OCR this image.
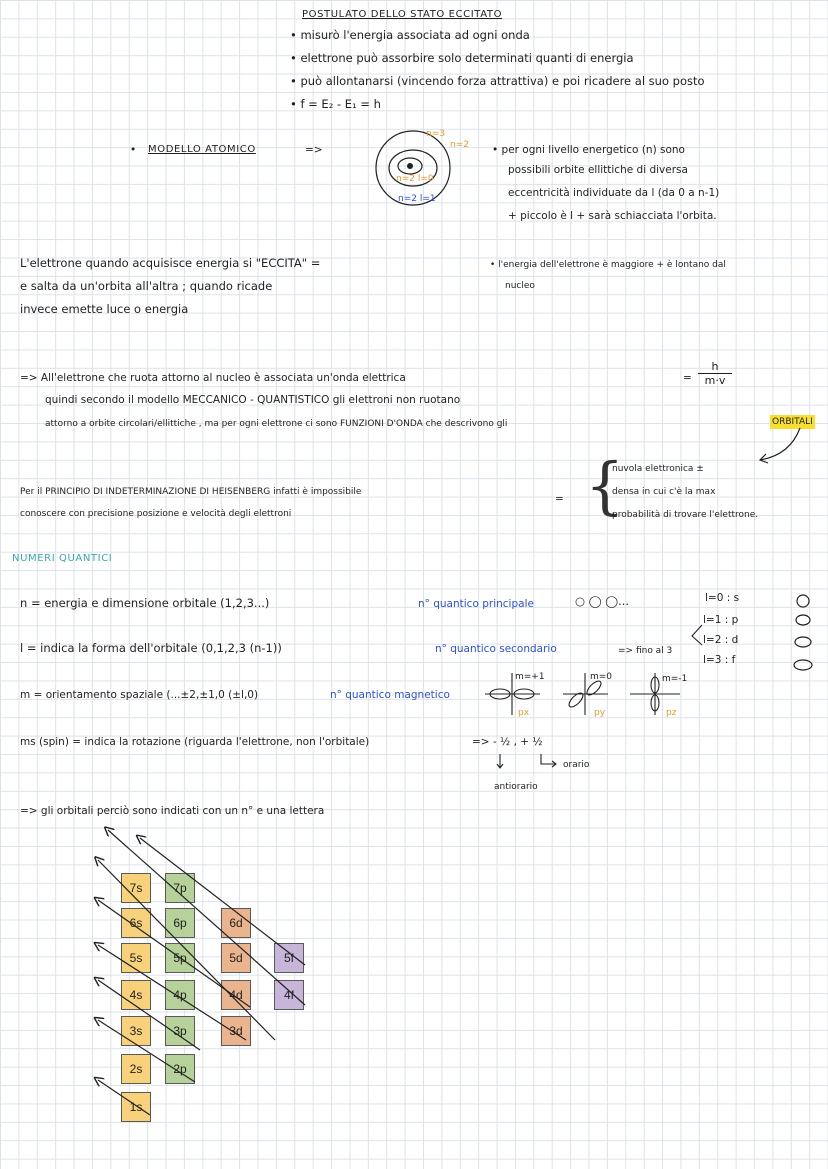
POSTULATO DELLO STATO ECCITATO
• misurò l'energia associata ad ogni onda
• elettrone può assorbire solo determinati quanti di energia
• può allontanarsi (vincendo forza attrattiva) e poi ricadere al suo posto
• f = E₂ - E₁ = h
• MODELLO ATOMICO	=>
n=3
n=2
n=2 l=0
n=2 l=1
• per ogni livello energetico (n) sono
possibili orbite ellittiche di diversa
eccentricità individuate da l (da 0 a n-1)
+ piccolo è l + sarà schiacciata l'orbita.
• l'energia dell'elettrone è maggiore + è lontano dal
nucleo
L'elettrone quando acquisisce energia si "ECCITA" =
e salta da un'orbita all'altra ; quando ricade
invece emette luce o energia
=> All'elettrone che ruota attorno al nucleo è associata un'onda elettrica
quindi secondo il modello MECCANICO - QUANTISTICO gli elettroni non ruotano
attorno a orbite circolari/ellittiche , ma per ogni elettrone ci sono FUNZIONI D'ONDA che descrivono gli	ORBITALI
=
h
m·v
Per il PRINCIPIO DI INDETERMINAZIONE DI HEISENBERG infatti è impossibile
conoscere con precisione posizione e velocità degli elettroni
= {
nuvola elettronica ±
densa in cui c'è la max
probabilità di trovare l'elettrone.
NUMERI QUANTICI
n = energia e dimensione orbitale (1,2,3...)	n° quantico principale	○ ◯ ◯...
l = indica la forma dell'orbitale (0,1,2,3 (n-1))	n° quantico secondario	=> fino al 3
l=0 : s
l=1 : p
l=2 : d
l=3 : f
m = orientamento spaziale (...±2,±1,0 (±l,0)	n° quantico magnetico
m=+1	m=0	m=-1
px	py	pz
ms (spin) = indica la rotazione (riguarda l'elettrone, non l'orbitale)	=> - ½ , + ½
orario
antiorario
=> gli orbitali perciò sono indicati con un n° e una lettera
7s	7p
6s	6p	6d
5s	5p	5d	5f
4s	4p	4d	4f
3s	3p	3d
2s	2p
1s
